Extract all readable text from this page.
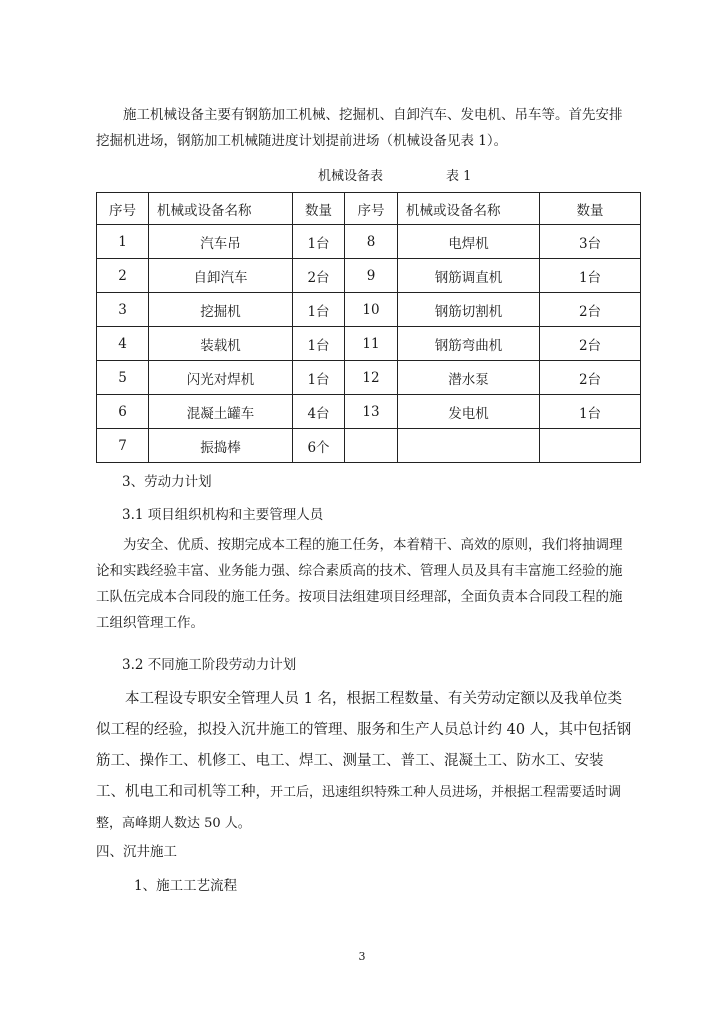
施工机械设备主要有钢筋加工机械、挖掘机、自卸汽车、发电机、吊车等。首先安排挖掘机进场，钢筋加工机械随进度计划提前进场（机械设备见表 1）。

机械设备表	表 1
序号	机械或设备名称	数量	序号	机械或设备名称	数量
1	汽车吊	1台	8	电焊机	3台
2	自卸汽车	2台	9	钢筋调直机	1台
3	挖掘机	1台	10	钢筋切割机	2台
4	装载机	1台	11	钢筋弯曲机	2台
5	闪光对焊机	1台	12	潜水泵	2台
6	混凝土罐车	4台	13	发电机	1台
7	振捣棒	6个			

3、劳动力计划

3.1 项目组织机构和主要管理人员

为安全、优质、按期完成本工程的施工任务，本着精干、高效的原则，我们将抽调理论和实践经验丰富、业务能力强、综合素质高的技术、管理人员及具有丰富施工经验的施工队伍完成本合同段的施工任务。按项目法组建项目经理部，全面负责本合同段工程的施工组织管理工作。

3.2 不同施工阶段劳动力计划

本工程设专职安全管理人员 1 名，根据工程数量、有关劳动定额以及我单位类似工程的经验，拟投入沉井施工的管理、服务和生产人员总计约 40 人，其中包括钢筋工、操作工、机修工、电工、焊工、测量工、普工、混凝土工、防水工、安装工、机电工和司机等工种，开工后，迅速组织特殊工种人员进场，并根据工程需要适时调整，高峰期人数达 50 人。

四、沉井施工

1、施工工艺流程

3
